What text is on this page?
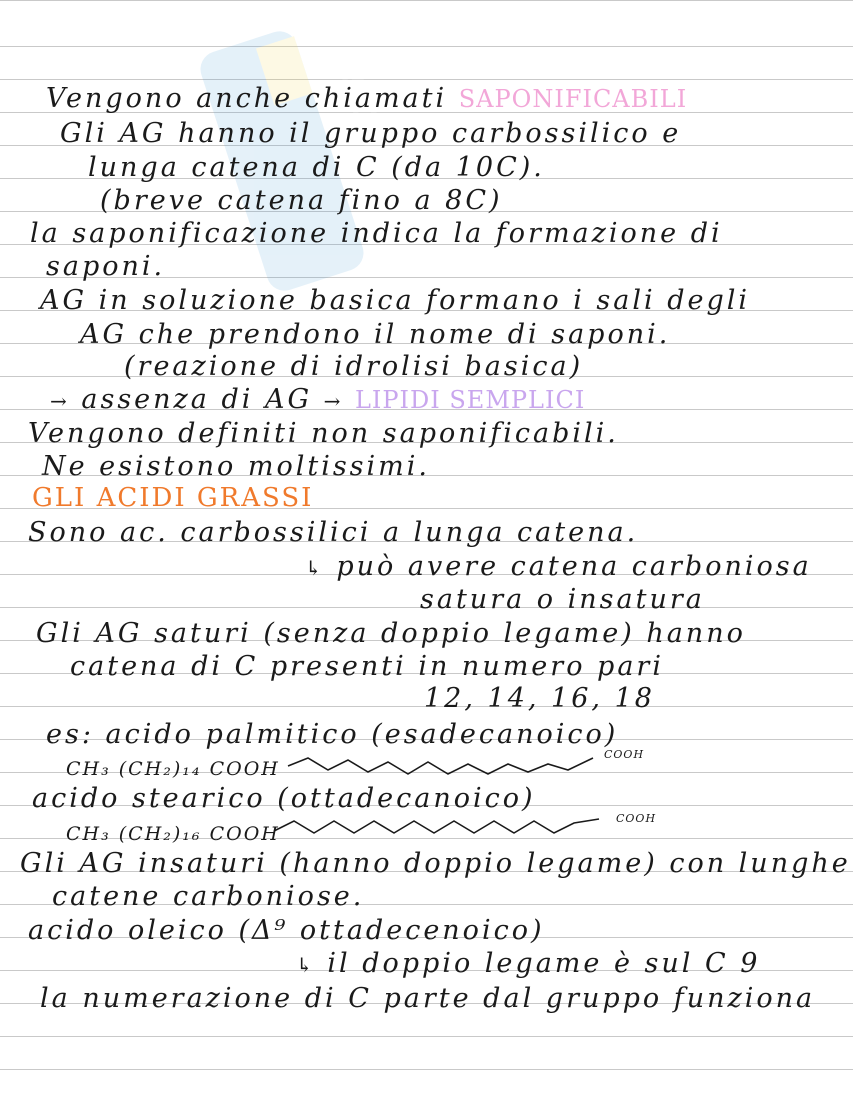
Skuola
Vengono anche chiamati SAPONIFICABILI
Gli AG hanno il gruppo carbossilico e
lunga catena di C (da 10C).
(breve catena fino a 8C)
la saponificazione indica la formazione di
saponi.
AG in soluzione basica formano i sali degli
AG che prendono il nome di saponi.
(reazione di idrolisi basica)
→ assenza di AG → LIPIDI SEMPLICI
Vengono definiti non saponificabili.
Ne esistono moltissimi.
GLI ACIDI GRASSI
Sono ac. carbossilici a lunga catena.
↳ può avere catena carboniosa
satura o insatura
Gli AG saturi (senza doppio legame) hanno
catena di C presenti in numero pari
12, 14, 16, 18
es: acido palmitico (esadecanoico)
CH₃ (CH₂)₁₄ COOH
COOH
acido stearico (ottadecanoico)
CH₃ (CH₂)₁₆ COOH
COOH
Gli AG insaturi (hanno doppio legame) con lunghe
catene carboniose.
acido oleico (Δ⁹ ottadecenoico)
↳ il doppio legame è sul C 9
la numerazione di C parte dal gruppo funziona
